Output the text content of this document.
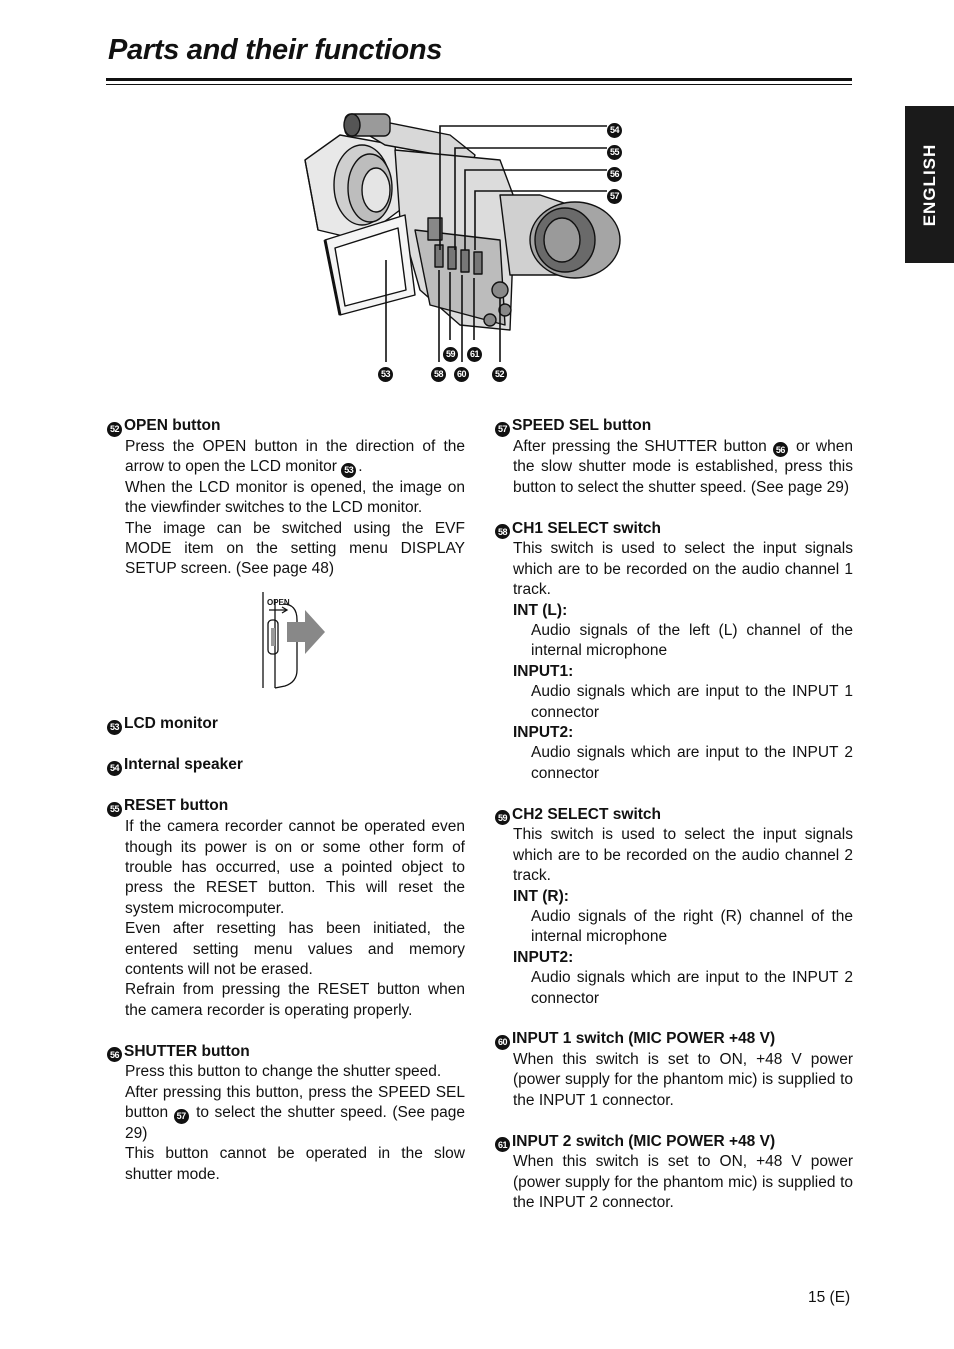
Parts and their functions
ENGLISH
54
55
56
57
53	58
59
60
61
52
52 OPEN button

Press the OPEN button in the direction of the arrow to open the LCD monitor 53 .

When the LCD monitor is opened, the image on the viewfinder switches to the LCD monitor.

The image can be switched using the EVF MODE item on the setting menu DISPLAY SETUP screen. (See page 48)

OPEN
53 LCD monitor
54 Internal speaker
55 RESET button

If the camera recorder cannot be operated even though its power is on or some other form of trouble has occurred, use a pointed object to press the RESET button. This will reset the system microcomputer.

Even after resetting has been initiated, the entered setting menu values and memory contents will not be erased.

Refrain from pressing the RESET button when the camera recorder is operating properly.

56 SHUTTER button

Press this button to change the shutter speed.

After pressing this button, press the SPEED SEL button 57 to select the shutter speed. (See page 29)

This button cannot be operated in the slow shutter mode.

57 SPEED SEL button

After pressing the SHUTTER button 56 or when the slow shutter mode is established, press this button to select the shutter speed. (See page 29)

58 CH1 SELECT switch
This switch is used to select the input signals which are to be recorded on the audio channel 1 track.
INT (L):
Audio signals of the left (L) channel of the internal microphone
INPUT1:
Audio signals which are input to the INPUT 1 connector
INPUT2:
Audio signals which are input to the INPUT 2 connector
59 CH2 SELECT switch
This switch is used to select the input signals which are to be recorded on the audio channel 2 track.
INT (R):
Audio signals of the right (R) channel of the internal microphone
INPUT2:
Audio signals which are input to the INPUT 2 connector
60 INPUT 1 switch (MIC POWER +48 V)
When this switch is set to ON, +48 V power (power supply for the phantom mic) is supplied to the INPUT 1 connector.
61 INPUT 2 switch (MIC POWER +48 V)
When this switch is set to ON, +48 V power (power supply for the phantom mic) is supplied to the INPUT 2 connector.
15 (E)
